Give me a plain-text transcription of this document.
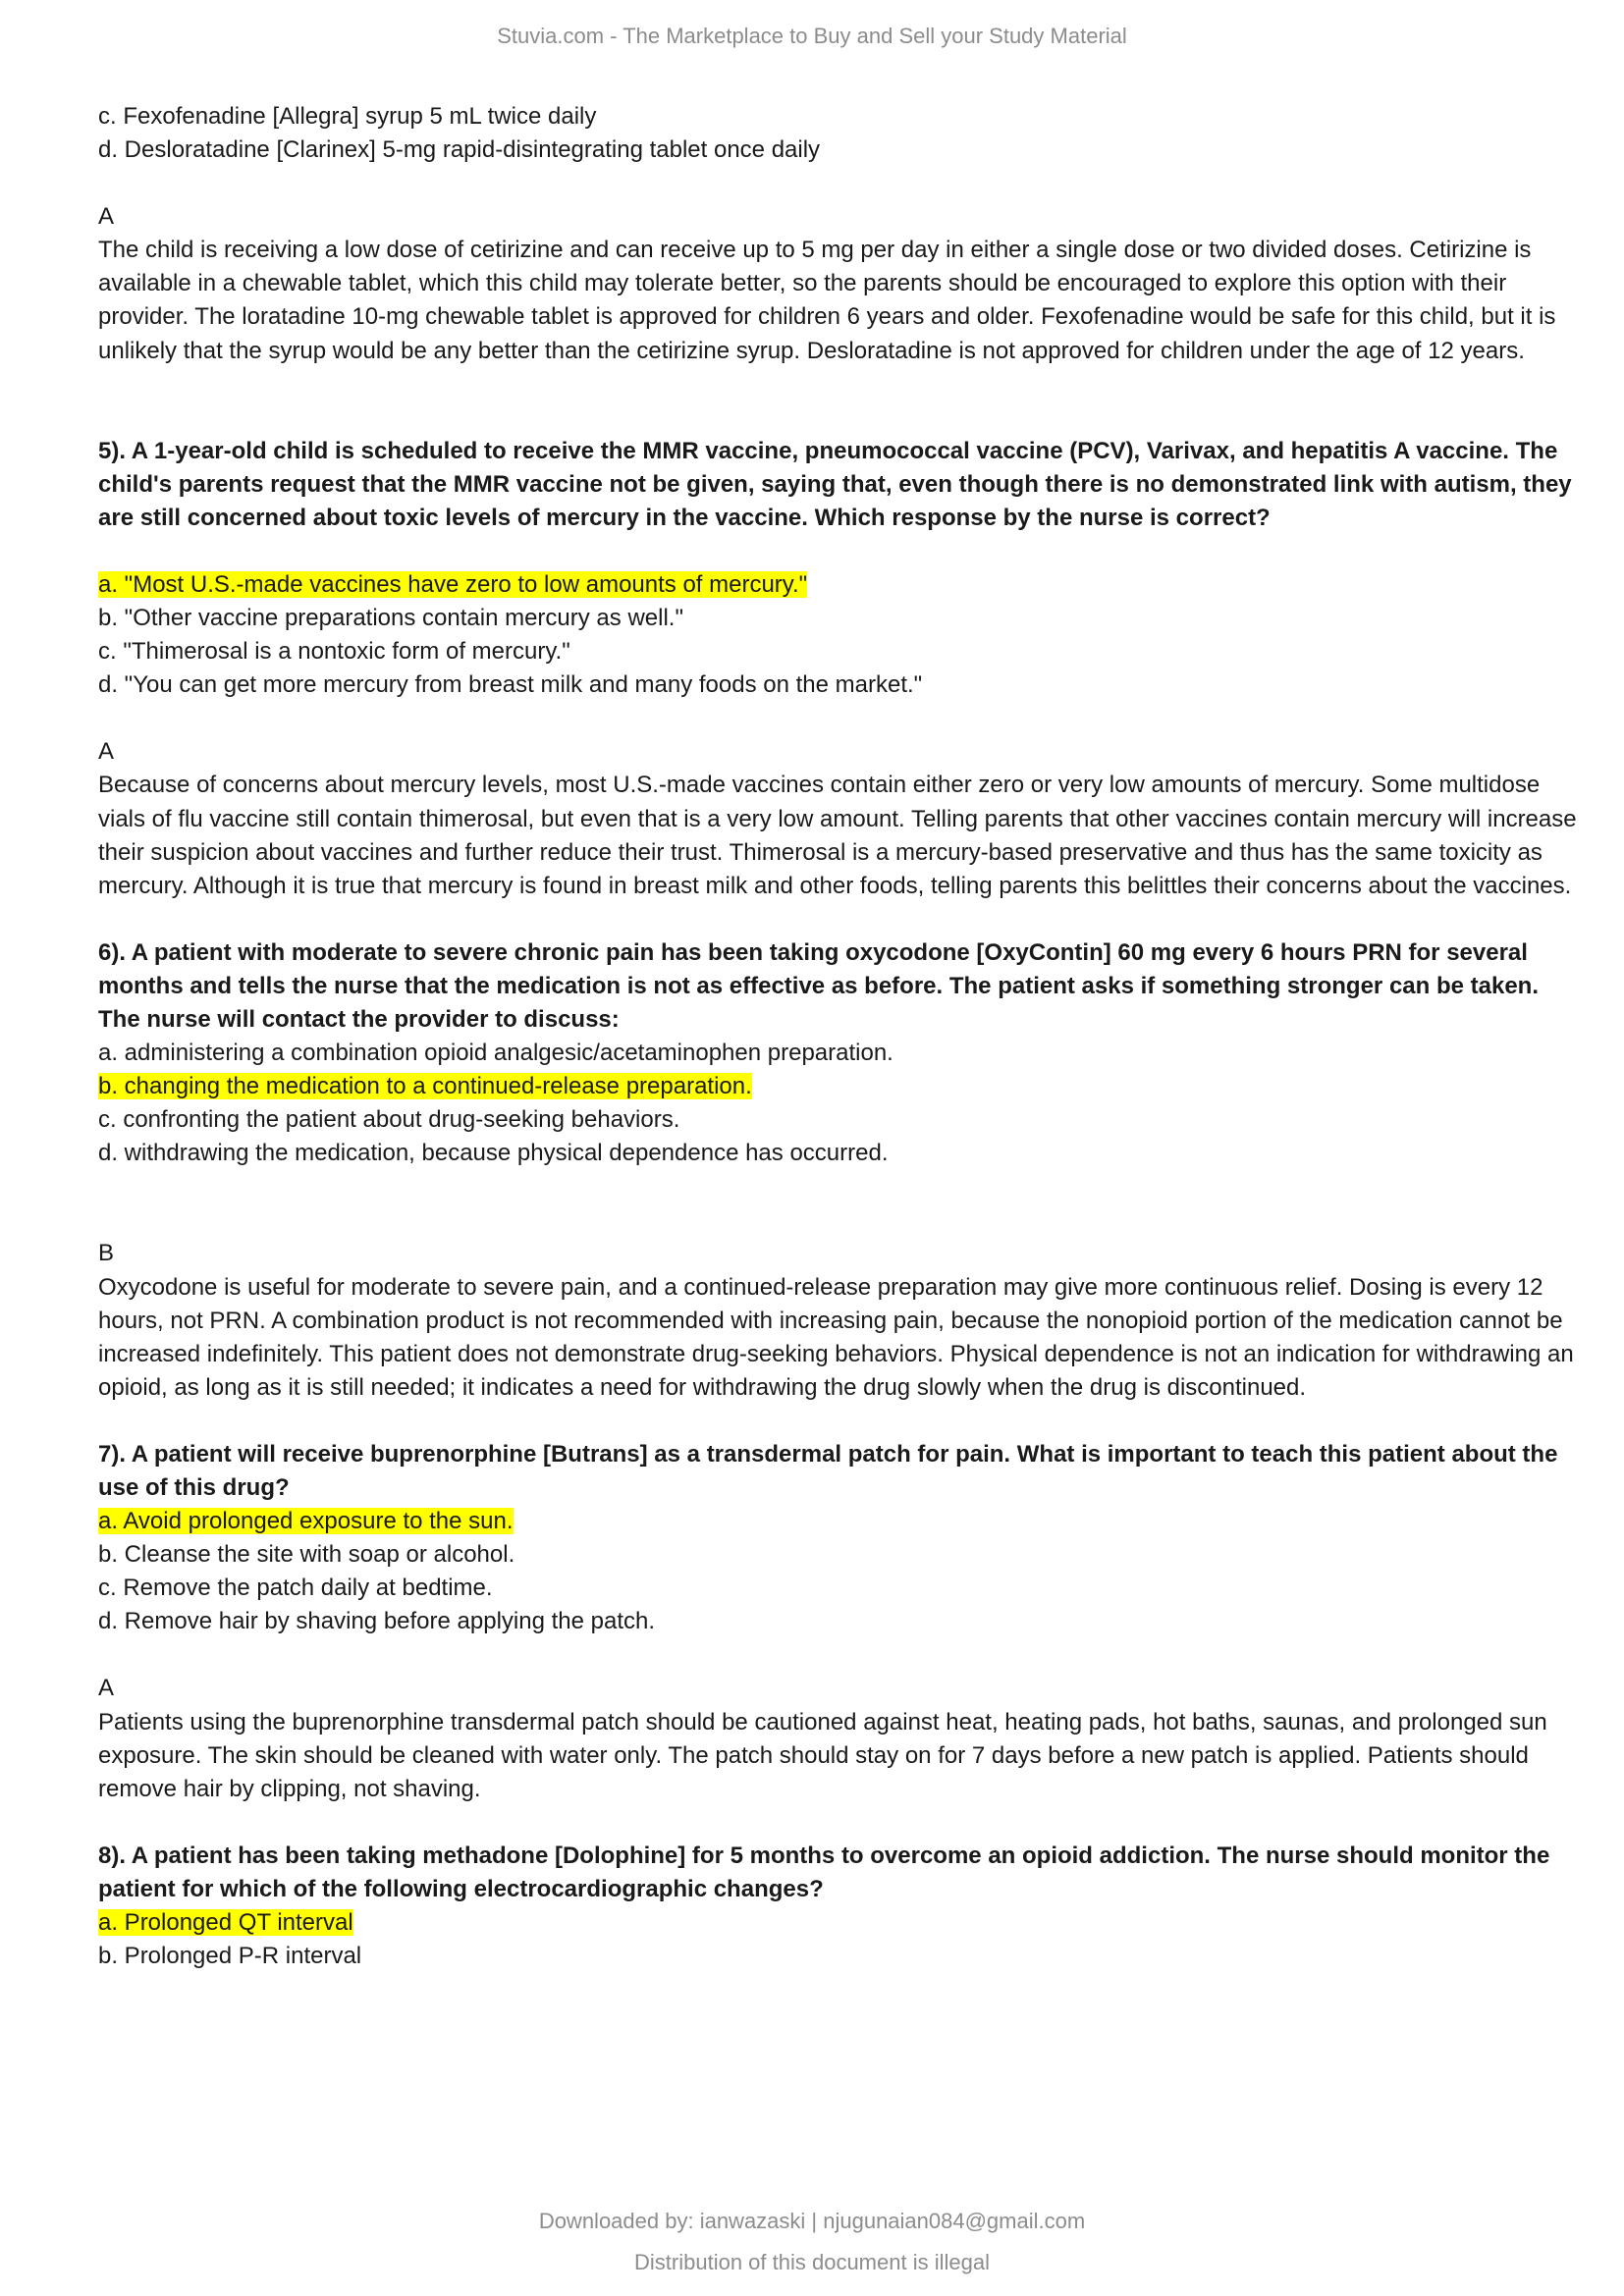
Stuvia.com - The Marketplace to Buy and Sell your Study Material

c. Fexofenadine [Allegra] syrup 5 mL twice daily

d. Desloratadine [Clarinex] 5-mg rapid-disintegrating tablet once daily

A

The child is receiving a low dose of cetirizine and can receive up to 5 mg per day in either a single dose or two divided doses. Cetirizine is available in a chewable tablet, which this child may tolerate better, so the parents should be encouraged to explore this option with their provider. The loratadine 10-mg chewable tablet is approved for children 6 years and older. Fexofenadine would be safe for this child, but it is unlikely that the syrup would be any better than the cetirizine syrup. Desloratadine is not approved for children under the age of 12 years.

5). A 1-year-old child is scheduled to receive the MMR vaccine, pneumococcal vaccine (PCV), Varivax, and hepatitis A vaccine. The child's parents request that the MMR vaccine not be given, saying that, even though there is no demonstrated link with autism, they are still concerned about toxic levels of mercury in the vaccine. Which response by the nurse is correct?

a. "Most U.S.-made vaccines have zero to low amounts of mercury."

b. "Other vaccine preparations contain mercury as well."

c. "Thimerosal is a nontoxic form of mercury."

d. "You can get more mercury from breast milk and many foods on the market."

A

Because of concerns about mercury levels, most U.S.-made vaccines contain either zero or very low amounts of mercury. Some multidose vials of flu vaccine still contain thimerosal, but even that is a very low amount. Telling parents that other vaccines contain mercury will increase their suspicion about vaccines and further reduce their trust. Thimerosal is a mercury-based preservative and thus has the same toxicity as mercury. Although it is true that mercury is found in breast milk and other foods, telling parents this belittles their concerns about the vaccines.

6). A patient with moderate to severe chronic pain has been taking oxycodone [OxyContin] 60 mg every 6 hours PRN for several months and tells the nurse that the medication is not as effective as before. The patient asks if something stronger can be taken. The nurse will contact the provider to discuss:

a. administering a combination opioid analgesic/acetaminophen preparation.

b. changing the medication to a continued-release preparation.

c. confronting the patient about drug-seeking behaviors.

d. withdrawing the medication, because physical dependence has occurred.

B

Oxycodone is useful for moderate to severe pain, and a continued-release preparation may give more continuous relief. Dosing is every 12 hours, not PRN. A combination product is not recommended with increasing pain, because the nonopioid portion of the medication cannot be increased indefinitely. This patient does not demonstrate drug-seeking behaviors. Physical dependence is not an indication for withdrawing an opioid, as long as it is still needed; it indicates a need for withdrawing the drug slowly when the drug is discontinued.

7). A patient will receive buprenorphine [Butrans] as a transdermal patch for pain. What is important to teach this patient about the use of this drug?

a. Avoid prolonged exposure to the sun.

b. Cleanse the site with soap or alcohol.

c. Remove the patch daily at bedtime.

d. Remove hair by shaving before applying the patch.

A

Patients using the buprenorphine transdermal patch should be cautioned against heat, heating pads, hot baths, saunas, and prolonged sun exposure. The skin should be cleaned with water only. The patch should stay on for 7 days before a new patch is applied. Patients should remove hair by clipping, not shaving.

8). A patient has been taking methadone [Dolophine] for 5 months to overcome an opioid addiction. The nurse should monitor the patient for which of the following electrocardiographic changes?

a. Prolonged QT interval

b. Prolonged P-R interval

Downloaded by: ianwazaski | njugunaian084@gmail.com
Distribution of this document is illegal
